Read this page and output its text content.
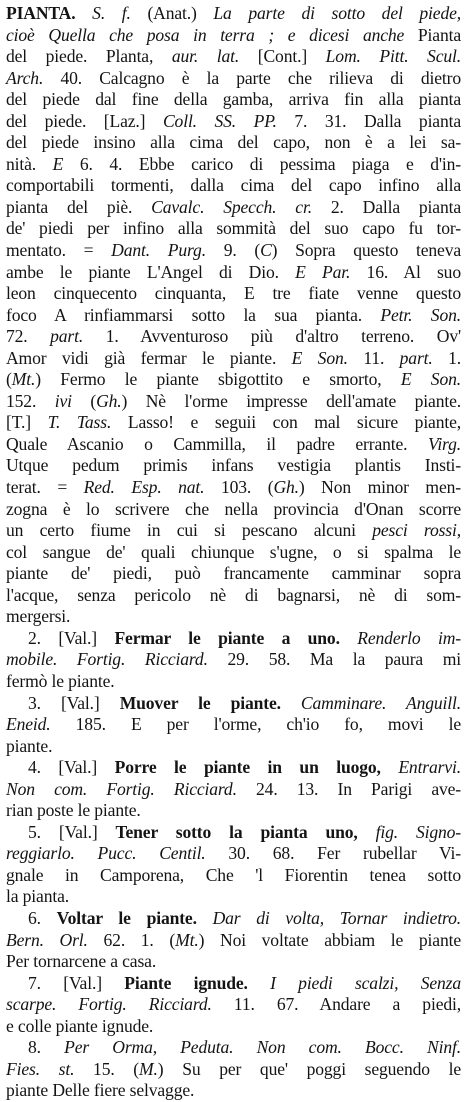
PIANTA. S. f. (Anat.) La parte di sotto del piede,
cioè Quella che posa in terra ; e dicesi anche Pianta
del piede. Planta, aur. lat. [Cont.] Lom. Pitt. Scul.
Arch. 40. Calcagno è la parte che rilieva di dietro
del piede dal fine della gamba, arriva fin alla pianta
del piede. [Laz.] Coll. SS. PP. 7. 31. Dalla pianta
del piede insino alla cima del capo, non è a lei sa-
nità. E 6. 4. Ebbe carico di pessima piaga e d'in-
comportabili tormenti, dalla cima del capo infino alla
pianta del piè. Cavalc. Specch. cr. 2. Dalla pianta
de' piedi per infino alla sommità del suo capo fu tor-
mentato. = Dant. Purg. 9. (C) Sopra questo teneva
ambe le piante L'Angel di Dio. E Par. 16. Al suo
leon cinquecento cinquanta, E tre fiate venne questo
foco A rinfiammarsi sotto la sua pianta. Petr. Son.
72. part. 1. Avventuroso più d'altro terreno. Ov'
Amor vidi già fermar le piante. E Son. 11. part. 1.
(Mt.) Fermo le piante sbigottito e smorto, E Son.
152. ivi (Gh.) Nè l'orme impresse dell'amate piante.
[T.] T. Tass. Lasso! e seguii con mal sicure piante,
Quale Ascanio o Cammilla, il padre errante. Virg.
Utque pedum primis infans vestigia plantis Insti-
terat. = Red. Esp. nat. 103. (Gh.) Non minor men-
zogna è lo scrivere che nella provincia d'Onan scorre
un certo fiume in cui si pescano alcuni pesci rossi,
col sangue de' quali chiunque s'ugne, o si spalma le
piante de' piedi, può francamente camminar sopra
l'acque, senza pericolo nè di bagnarsi, nè di som-
mergersi.
2. [Val.] Fermar le piante a uno. Renderlo im-
mobile. Fortig. Ricciard. 29. 58. Ma la paura mi
fermò le piante.
3. [Val.] Muover le piante. Camminare. Anguill.
Eneid. 185. E per l'orme, ch'io fo, movi le
piante.
4. [Val.] Porre le piante in un luogo, Entrarvi.
Non com. Fortig. Ricciard. 24. 13. In Parigi ave-
rian poste le piante.
5. [Val.] Tener sotto la pianta uno, fig. Signo-
reggiarlo. Pucc. Centil. 30. 68. Fer rubellar Vi-
gnale in Camporena, Che 'l Fiorentin tenea sotto
la pianta.
6. Voltar le piante. Dar di volta, Tornar indietro.
Bern. Orl. 62. 1. (Mt.) Noi voltate abbiam le piante
Per tornarcene a casa.
7. [Val.] Piante ignude. I piedi scalzi, Senza
scarpe. Fortig. Ricciard. 11. 67. Andare a piedi,
e colle piante ignude.
8. Per Orma, Peduta. Non com. Bocc. Ninf.
Fies. st. 15. (M.) Su per que' poggi seguendo le
piante Delle fiere selvagge.
